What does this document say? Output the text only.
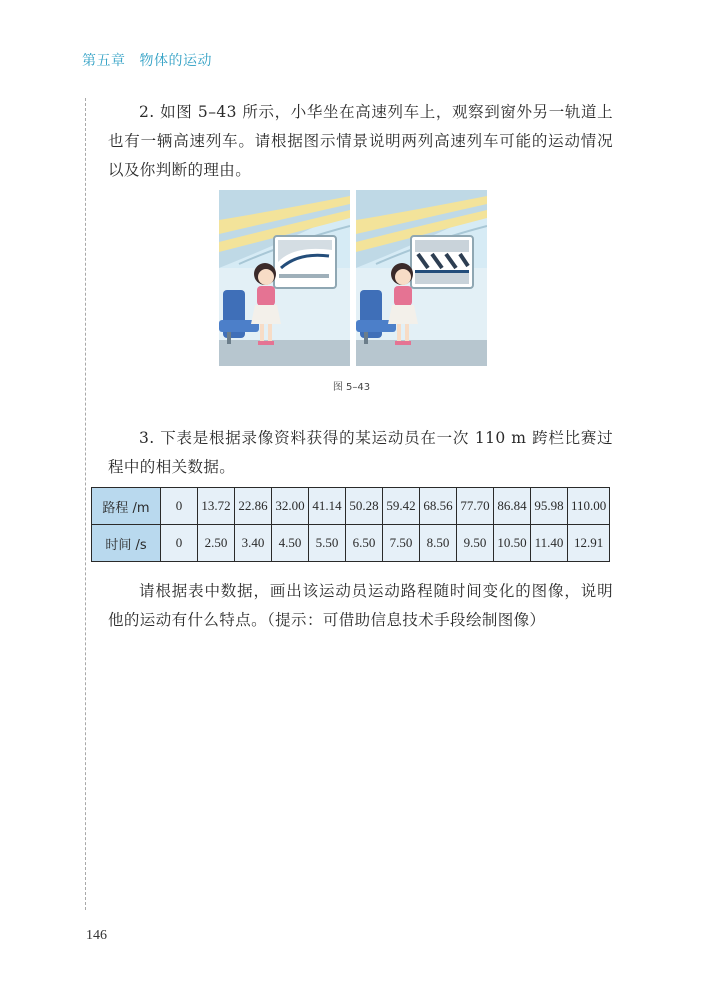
第五章 物体的运动

2. 如图 5–43 所示，小华坐在高速列车上，观察到窗外另一轨道上也有一辆高速列车。请根据图示情景说明两列高速列车可能的运动情况以及你判断的理由。

图 5–43

3. 下表是根据录像资料获得的某运动员在一次 110 m 跨栏比赛过程中的相关数据。

路程 /m	0	13.72	22.86	32.00	41.14	50.28	59.42	68.56	77.70	86.84	95.98	110.00
时间 /s	0	2.50	3.40	4.50	5.50	6.50	7.50	8.50	9.50	10.50	11.40	12.91

请根据表中数据，画出该运动员运动路程随时间变化的图像，说明他的运动有什么特点。（提示：可借助信息技术手段绘制图像）

146
